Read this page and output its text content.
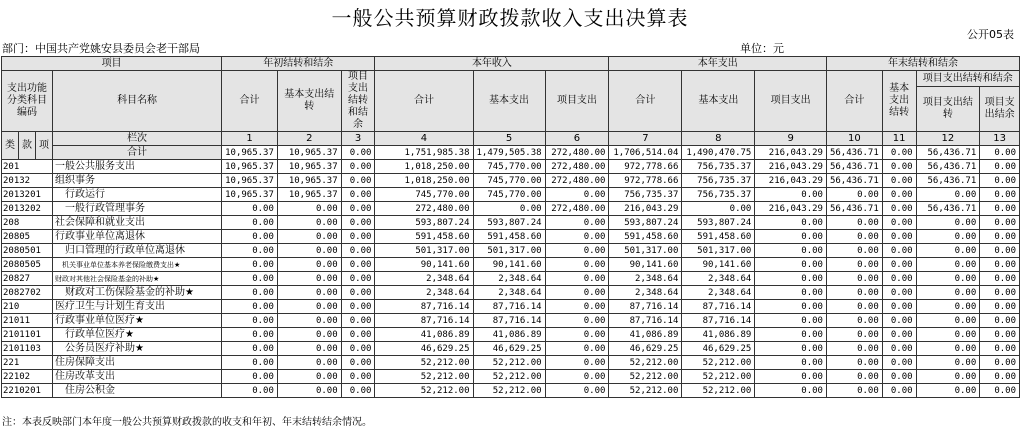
一般公共预算财政拨款收入支出决算表
公开05表
部门：中国共产党姚安县委员会老干部局	单位：元
项目				年初结转和结余			本年收入			本年支出			年末结转和结余			
支出功能分类科目编码			科目名称	合计	基本支出结转	项目支出结转和结余	合计	基本支出	项目支出	合计	基本支出	项目支出	合计	基本支出结转	项目支出结转和结余	
															项目支出结转	项目支出结余

类	款	项	栏次	1	2	3	4	5	6	7	8	9	10	11	12	13
			合计	10,965.37	10,965.37	0.00	1,751,985.38	1,479,505.38	272,480.00	1,706,514.04	1,490,470.75	216,043.29	56,436.71	0.00	56,436.71	0.00
201			一般公共服务支出	10,965.37	10,965.37	0.00	1,018,250.00	745,770.00	272,480.00	972,778.66	756,735.37	216,043.29	56,436.71	0.00	56,436.71	0.00
20132			组织事务	10,965.37	10,965.37	0.00	1,018,250.00	745,770.00	272,480.00	972,778.66	756,735.37	216,043.29	56,436.71	0.00	56,436.71	0.00
2013201			　行政运行	10,965.37	10,965.37	0.00	745,770.00	745,770.00	0.00	756,735.37	756,735.37	0.00	0.00	0.00	0.00	0.00
2013202			　一般行政管理事务	0.00	0.00	0.00	272,480.00	0.00	272,480.00	216,043.29	0.00	216,043.29	56,436.71	0.00	56,436.71	0.00
208			社会保障和就业支出	0.00	0.00	0.00	593,807.24	593,807.24	0.00	593,807.24	593,807.24	0.00	0.00	0.00	0.00	0.00
20805			行政事业单位离退休	0.00	0.00	0.00	591,458.60	591,458.60	0.00	591,458.60	591,458.60	0.00	0.00	0.00	0.00	0.00
2080501			　归口管理的行政单位离退休	0.00	0.00	0.00	501,317.00	501,317.00	0.00	501,317.00	501,317.00	0.00	0.00	0.00	0.00	0.00
2080505			　机关事业单位基本养老保险缴费支出★	0.00	0.00	0.00	90,141.60	90,141.60	0.00	90,141.60	90,141.60	0.00	0.00	0.00	0.00	0.00
20827			财政对其他社会保险基金的补助★	0.00	0.00	0.00	2,348.64	2,348.64	0.00	2,348.64	2,348.64	0.00	0.00	0.00	0.00	0.00
2082702			　财政对工伤保险基金的补助★	0.00	0.00	0.00	2,348.64	2,348.64	0.00	2,348.64	2,348.64	0.00	0.00	0.00	0.00	0.00
210			医疗卫生与计划生育支出	0.00	0.00	0.00	87,716.14	87,716.14	0.00	87,716.14	87,716.14	0.00	0.00	0.00	0.00	0.00
21011			行政事业单位医疗★	0.00	0.00	0.00	87,716.14	87,716.14	0.00	87,716.14	87,716.14	0.00	0.00	0.00	0.00	0.00
2101101			　行政单位医疗★	0.00	0.00	0.00	41,086.89	41,086.89	0.00	41,086.89	41,086.89	0.00	0.00	0.00	0.00	0.00
2101103			　公务员医疗补助★	0.00	0.00	0.00	46,629.25	46,629.25	0.00	46,629.25	46,629.25	0.00	0.00	0.00	0.00	0.00
221			住房保障支出	0.00	0.00	0.00	52,212.00	52,212.00	0.00	52,212.00	52,212.00	0.00	0.00	0.00	0.00	0.00
22102			住房改革支出	0.00	0.00	0.00	52,212.00	52,212.00	0.00	52,212.00	52,212.00	0.00	0.00	0.00	0.00	0.00
2210201			　住房公积金	0.00	0.00	0.00	52,212.00	52,212.00	0.00	52,212.00	52,212.00	0.00	0.00	0.00	0.00	0.00
注：本表反映部门本年度一般公共预算财政拨款的收支和年初、年末结转结余情况。
